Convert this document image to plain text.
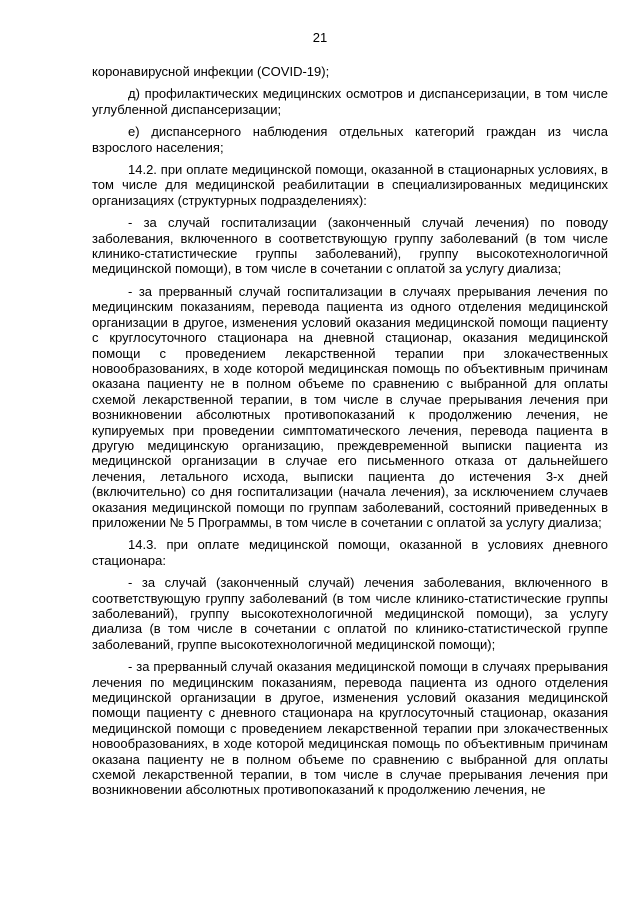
21

коронавирусной инфекции (COVID-19);

д) профилактических медицинских осмотров и диспансеризации, в том числе углубленной диспансеризации;

е) диспансерного наблюдения отдельных категорий граждан из числа взрослого населения;

14.2. при оплате медицинской помощи, оказанной в стационарных условиях, в том числе для медицинской реабилитации в специализированных медицинских организациях (структурных подразделениях):

- за случай госпитализации (законченный случай лечения) по поводу заболевания, включенного в соответствующую группу заболеваний (в том числе клинико-статистические группы заболеваний), группу высокотехнологичной медицинской помощи), в том числе в сочетании с оплатой за услугу диализа;

- за прерванный случай госпитализации в случаях прерывания лечения по медицинским показаниям, перевода пациента из одного отделения медицинской организации в другое, изменения условий оказания медицинской помощи пациенту с круглосуточного стационара на дневной стационар, оказания медицинской помощи с проведением лекарственной терапии при злокачественных новообразованиях, в ходе которой медицинская помощь по объективным причинам оказана пациенту не в полном объеме по сравнению с выбранной для оплаты схемой лекарственной терапии, в том числе в случае прерывания лечения при возникновении абсолютных противопоказаний к продолжению лечения, не купируемых при проведении симптоматического лечения, перевода пациента в другую медицинскую организацию, преждевременной выписки пациента из медицинской организации в случае его письменного отказа от дальнейшего лечения, летального исхода, выписки пациента до истечения 3-х дней (включительно) со дня госпитализации (начала лечения), за исключением случаев оказания медицинской помощи по группам заболеваний, состояний приведенных в приложении № 5 Программы, в том числе в сочетании с оплатой за услугу диализа;

14.3. при оплате медицинской помощи, оказанной в условиях дневного стационара:

- за случай (законченный случай) лечения заболевания, включенного в соответствующую группу заболеваний (в том числе клинико-статистические группы заболеваний), группу высокотехнологичной медицинской помощи), за услугу диализа (в том числе в сочетании с оплатой по клинико-статистической группе заболеваний, группе высокотехнологичной медицинской помощи);

- за прерванный случай оказания медицинской помощи в случаях прерывания лечения по медицинским показаниям, перевода пациента из одного отделения медицинской организации в другое, изменения условий оказания медицинской помощи пациенту с дневного стационара на круглосуточный стационар, оказания медицинской помощи с проведением лекарственной терапии при злокачественных новообразованиях, в ходе которой медицинская помощь по объективным причинам оказана пациенту не в полном объеме по сравнению с выбранной для оплаты схемой лекарственной терапии, в том числе в случае прерывания лечения при возникновении абсолютных противопоказаний к продолжению лечения, не
